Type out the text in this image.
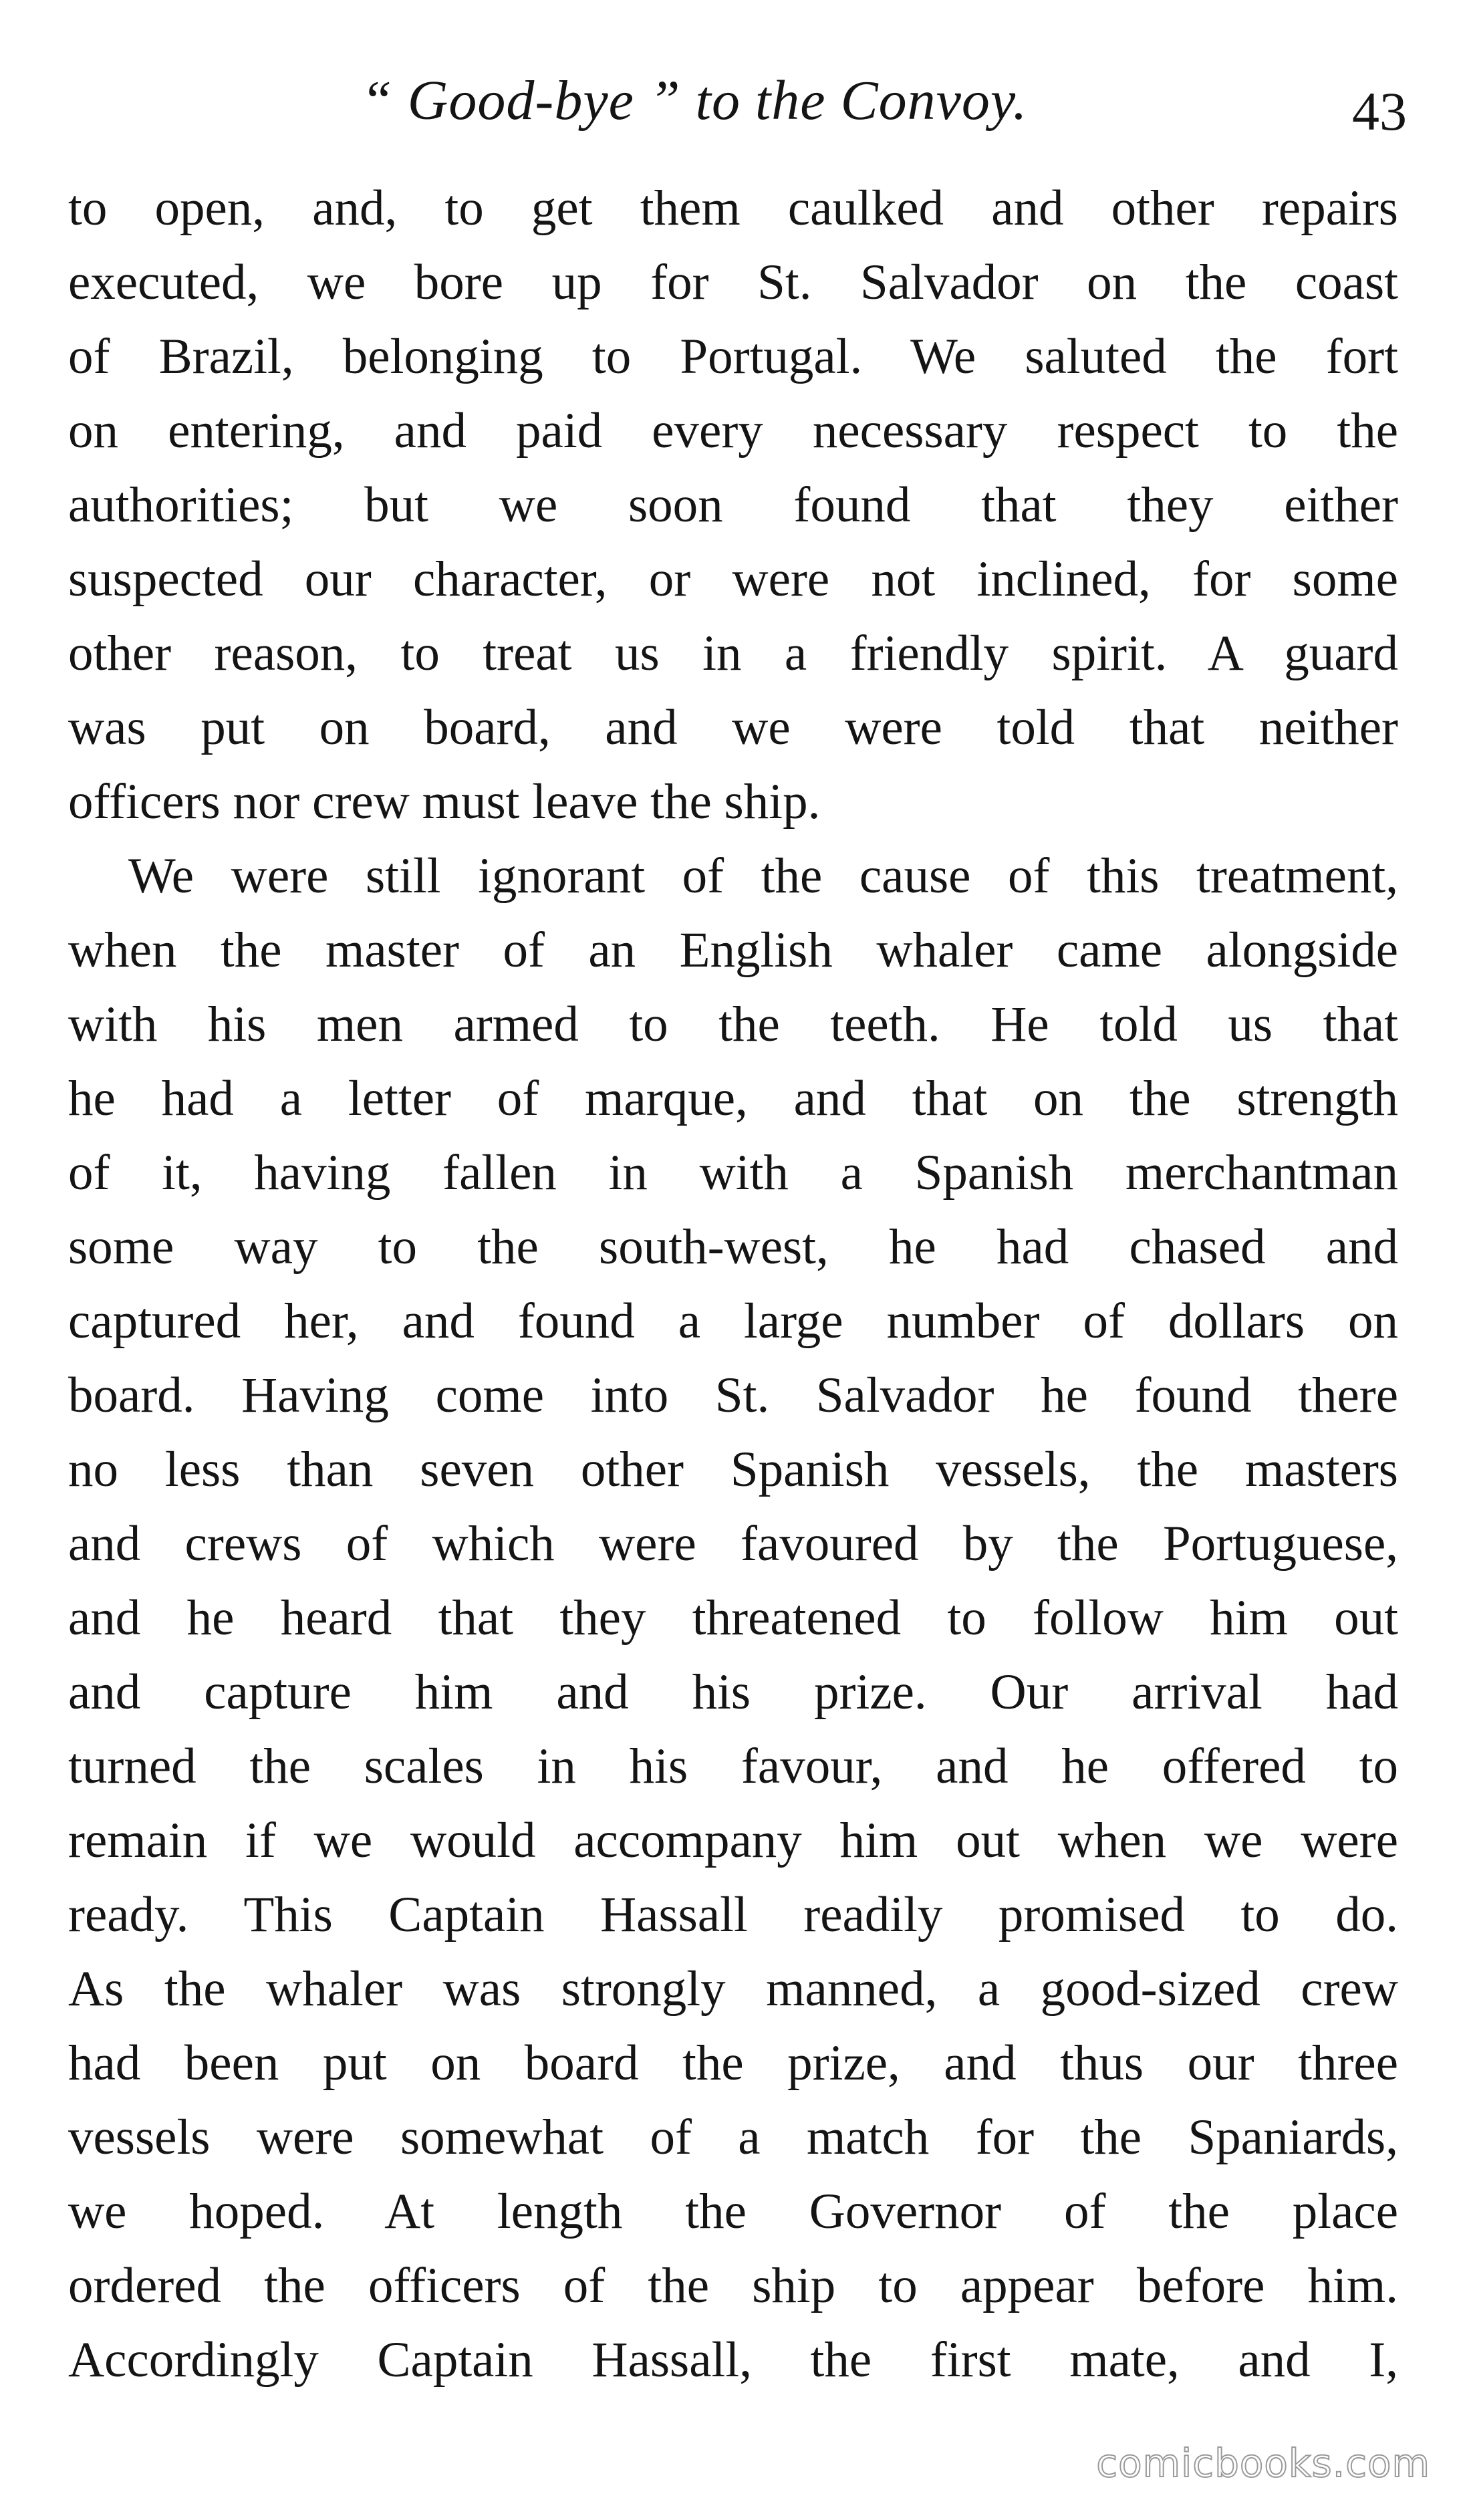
“ Good-bye ” to the Convoy.	43
to open, and, to get them caulked and other repairs
executed, we bore up for St. Salvador on the coast
of Brazil, belonging to Portugal. We saluted the fort
on entering, and paid every necessary respect to the
authorities; but we soon found that they either
suspected our character, or were not inclined, for some
other reason, to treat us in a friendly spirit. A guard
was put on board, and we were told that neither
officers nor crew must leave the ship.
We were still ignorant of the cause of this treatment,
when the master of an English whaler came alongside
with his men armed to the teeth. He told us that
he had a letter of marque, and that on the strength
of it, having fallen in with a Spanish merchantman
some way to the south-west, he had chased and
captured her, and found a large number of dollars on
board. Having come into St. Salvador he found there
no less than seven other Spanish vessels, the masters
and crews of which were favoured by the Portuguese,
and he heard that they threatened to follow him out
and capture him and his prize. Our arrival had
turned the scales in his favour, and he offered to
remain if we would accompany him out when we were
ready. This Captain Hassall readily promised to do.
As the whaler was strongly manned, a good-sized crew
had been put on board the prize, and thus our three
vessels were somewhat of a match for the Spaniards,
we hoped. At length the Governor of the place
ordered the officers of the ship to appear before him.
Accordingly Captain Hassall, the first mate, and I,
comicbooks.com
